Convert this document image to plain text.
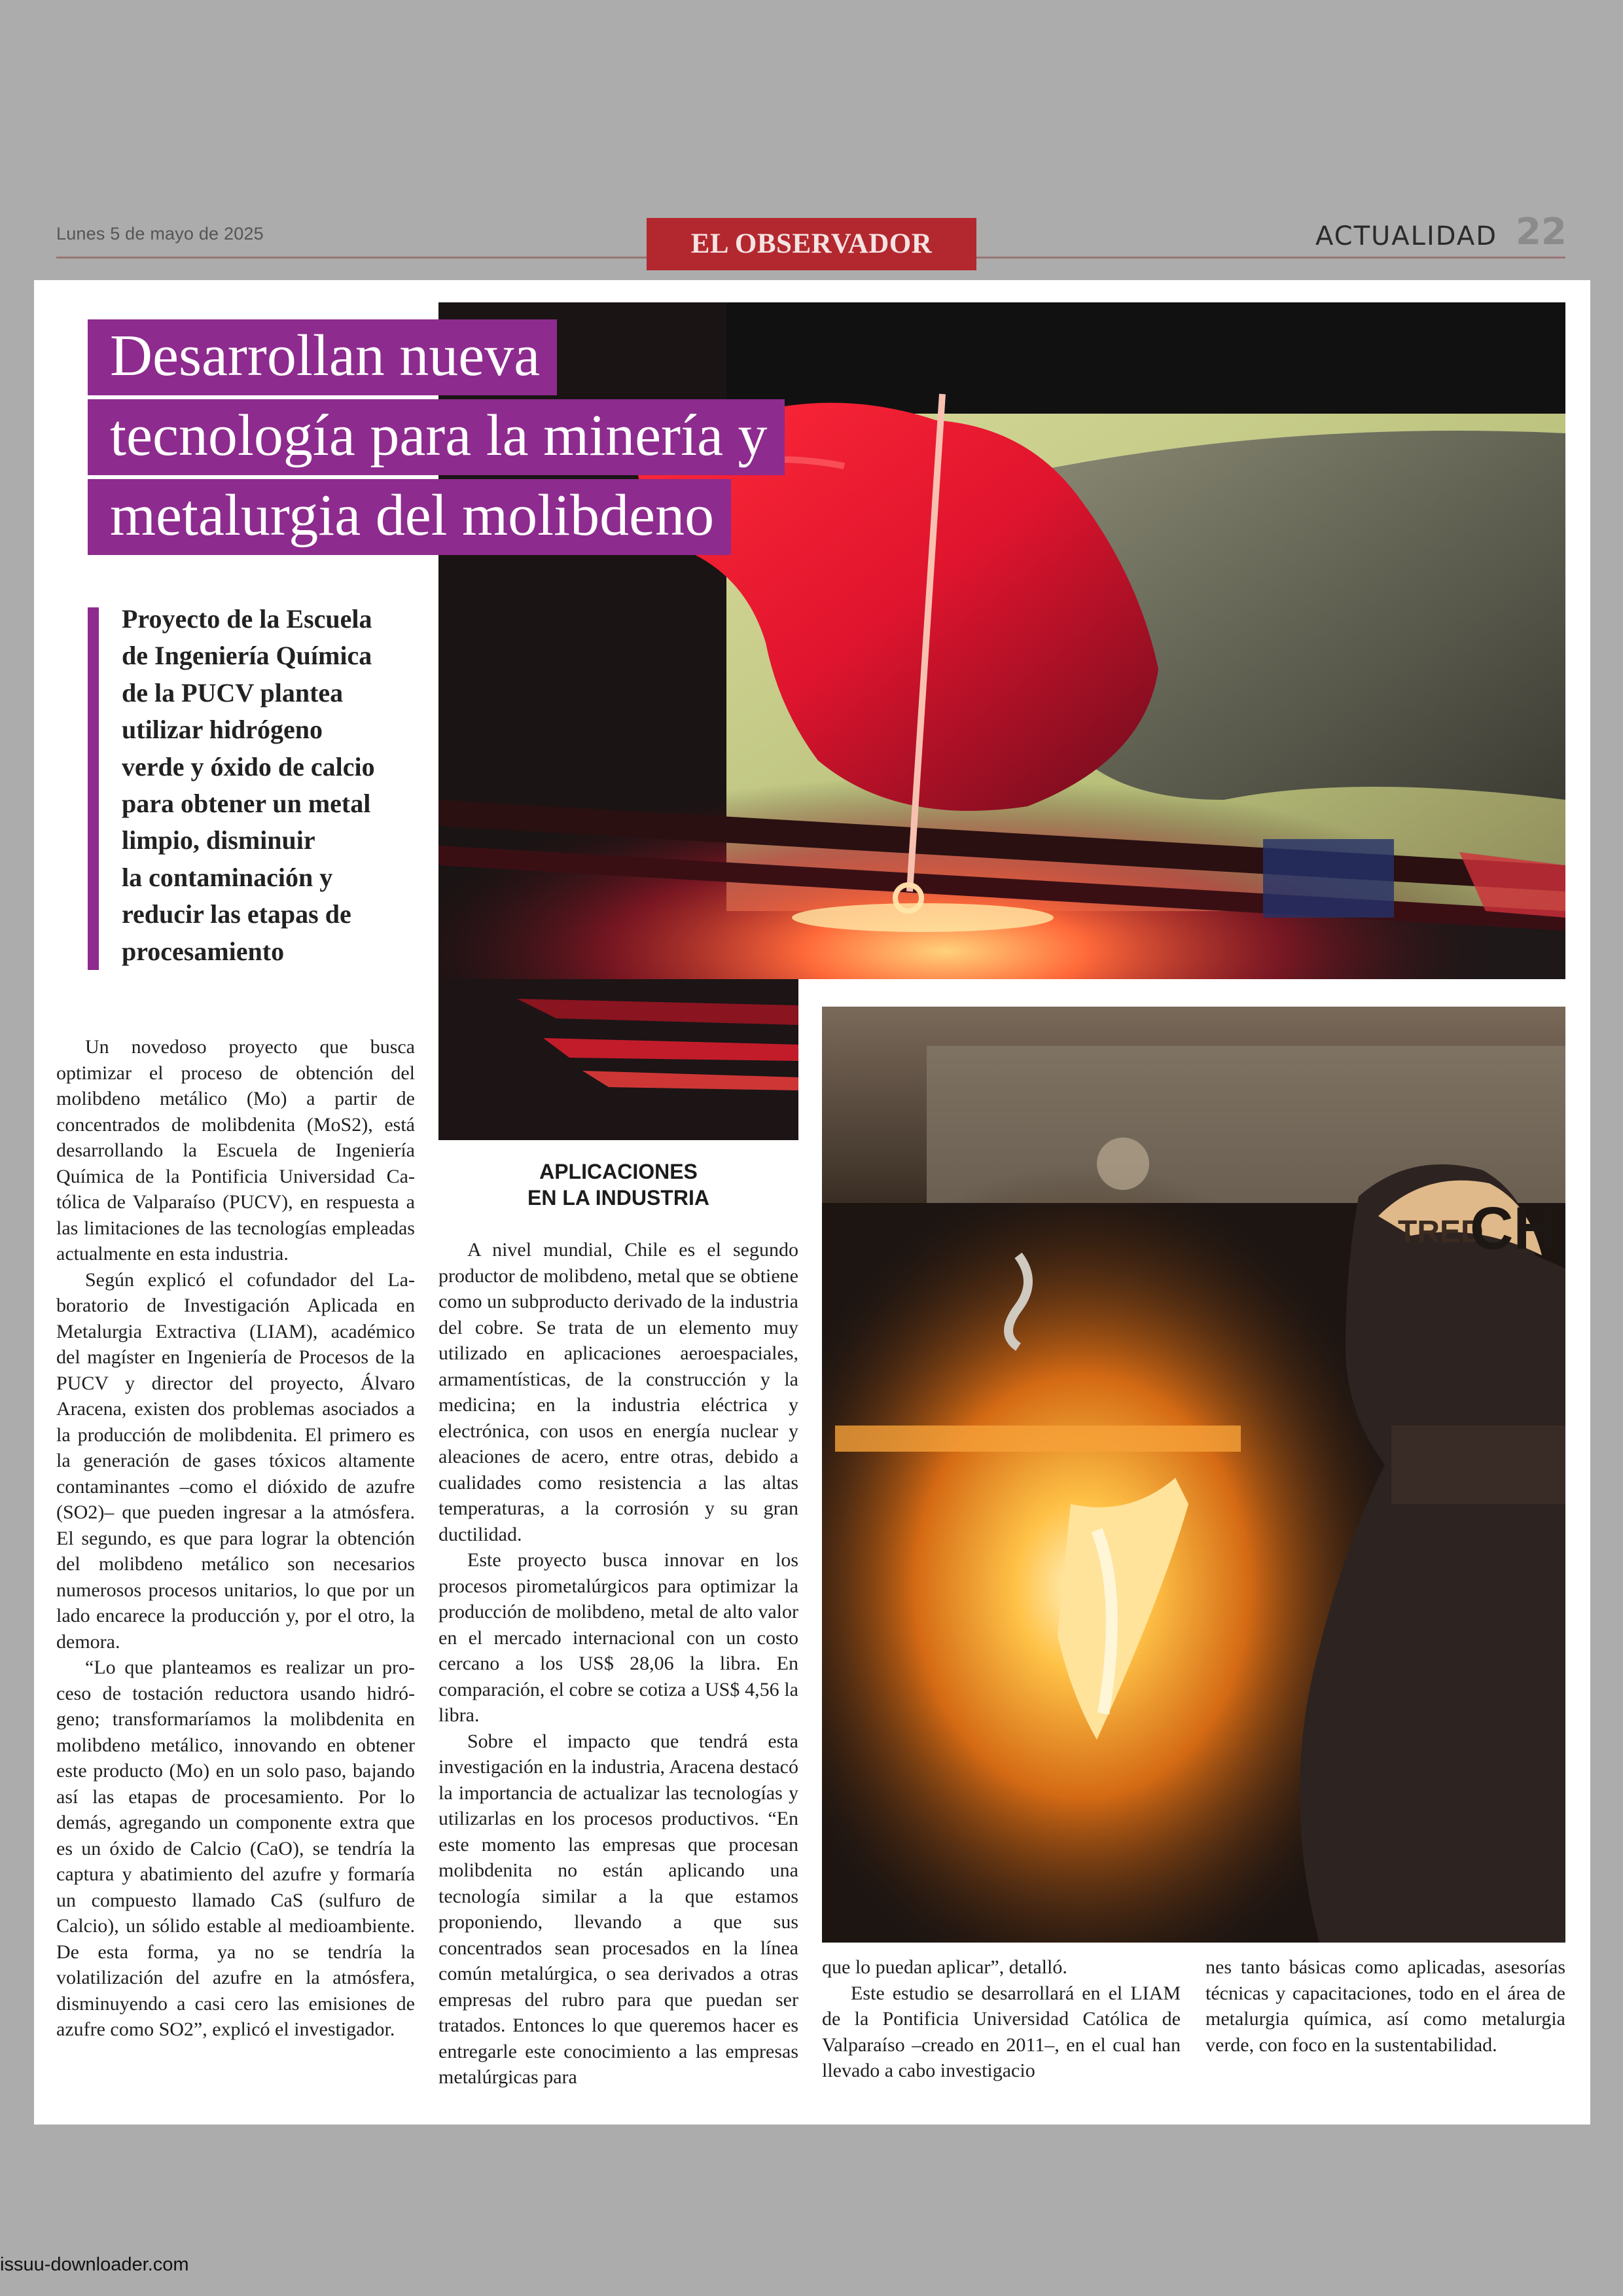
Lunes 5 de mayo de 2025	EL OBSERVADOR	ACTUALIDAD 22
TRED
CH
Desarrollan nueva
tecnología para la minería y
metalurgia del molibdeno
Proyecto de la Escuela
de Ingeniería Química
de la PUCV plantea
utilizar hidrógeno
verde y óxido de calcio
para obtener un metal
limpio, disminuir
la contaminación y
reducir las etapas de
procesamiento

Un novedoso proyecto que busca optimizar el proceso de obtención del molibdeno metálico (Mo) a partir de concentrados de molibdenita (MoS2), está desarrollando la Escuela de Ingeniería Química de la Pontificia Universidad Católica de Valparaíso (PUCV), en respuesta a las limitaciones de las tecnologías empleadas actualmente en esta industria.

Según explicó el cofundador del Laboratorio de Investigación Aplicada en Metalurgia Extractiva (LIAM), académico del magíster en Ingeniería de Procesos de la PUCV y director del proyecto, Álvaro Aracena, existen dos problemas asociados a la producción de molibdenita. El primero es la generación de gases tóxicos altamente contaminantes –como el dióxido de azufre (SO2)– que pueden ingresar a la atmósfera. El segundo, es que para lograr la obtención del molibdeno metálico son necesarios numerosos procesos unitarios, lo que por un lado encarece la producción y, por el otro, la demora.

“Lo que planteamos es realizar un proceso de tostación reductora usando hidrógeno; transformaríamos la molibdenita en molibdeno metálico, innovando en obtener este producto (Mo) en un solo paso, bajando así las etapas de procesamiento. Por lo demás, agregando un componente extra que es un óxido de Calcio (CaO), se tendría la captura y abatimiento del azufre y formaría un compuesto llamado CaS (sulfuro de Calcio), un sólido estable al medioambiente. De esta forma, ya no se tendría la volatilización del azufre en la atmósfera, disminuyendo a casi cero las emisiones de azufre como SO2”, explicó el investigador.

APLICACIONES
EN LA INDUSTRIA

A nivel mundial, Chile es el segundo productor de molibdeno, metal que se obtiene como un subproducto derivado de la industria del cobre. Se trata de un elemento muy utilizado en aplicaciones aeroespaciales, armamentísticas, de la construcción y la medicina; en la industria eléctrica y electrónica, con usos en energía nuclear y aleaciones de acero, entre otras, debido a cualidades como resistencia a las altas temperaturas, a la corrosión y su gran ductilidad.

Este proyecto busca innovar en los procesos pirometalúrgicos para optimizar la producción de molibdeno, metal de alto valor en el mercado internacional con un costo cercano a los US$ 28,06 la libra. En comparación, el cobre se cotiza a US$ 4,56 la libra.

Sobre el impacto que tendrá esta investigación en la industria, Aracena destacó la importancia de actualizar las tecnologías y utilizarlas en los procesos productivos. “En este momento las empresas que procesan molibdenita no están aplicando una tecnología similar a la que estamos proponiendo, llevando a que sus concentrados sean procesados en la línea común metalúrgica, o sea derivados a otras empresas del rubro para que puedan ser tratados. Entonces lo que queremos hacer es entregarle este conocimiento a las empresas metalúrgicas para

que lo puedan aplicar”, detalló.

Este estudio se desarrollará en el LIAM de la Pontificia Universidad Católica de Valparaíso –creado en 2011–, en el cual han llevado a cabo investigacio

nes tanto básicas como aplicadas, asesorías técnicas y capacitaciones, todo en el área de metalurgia química, así como metalurgia verde, con foco en la sustentabilidad.

issuu-downloader.com
